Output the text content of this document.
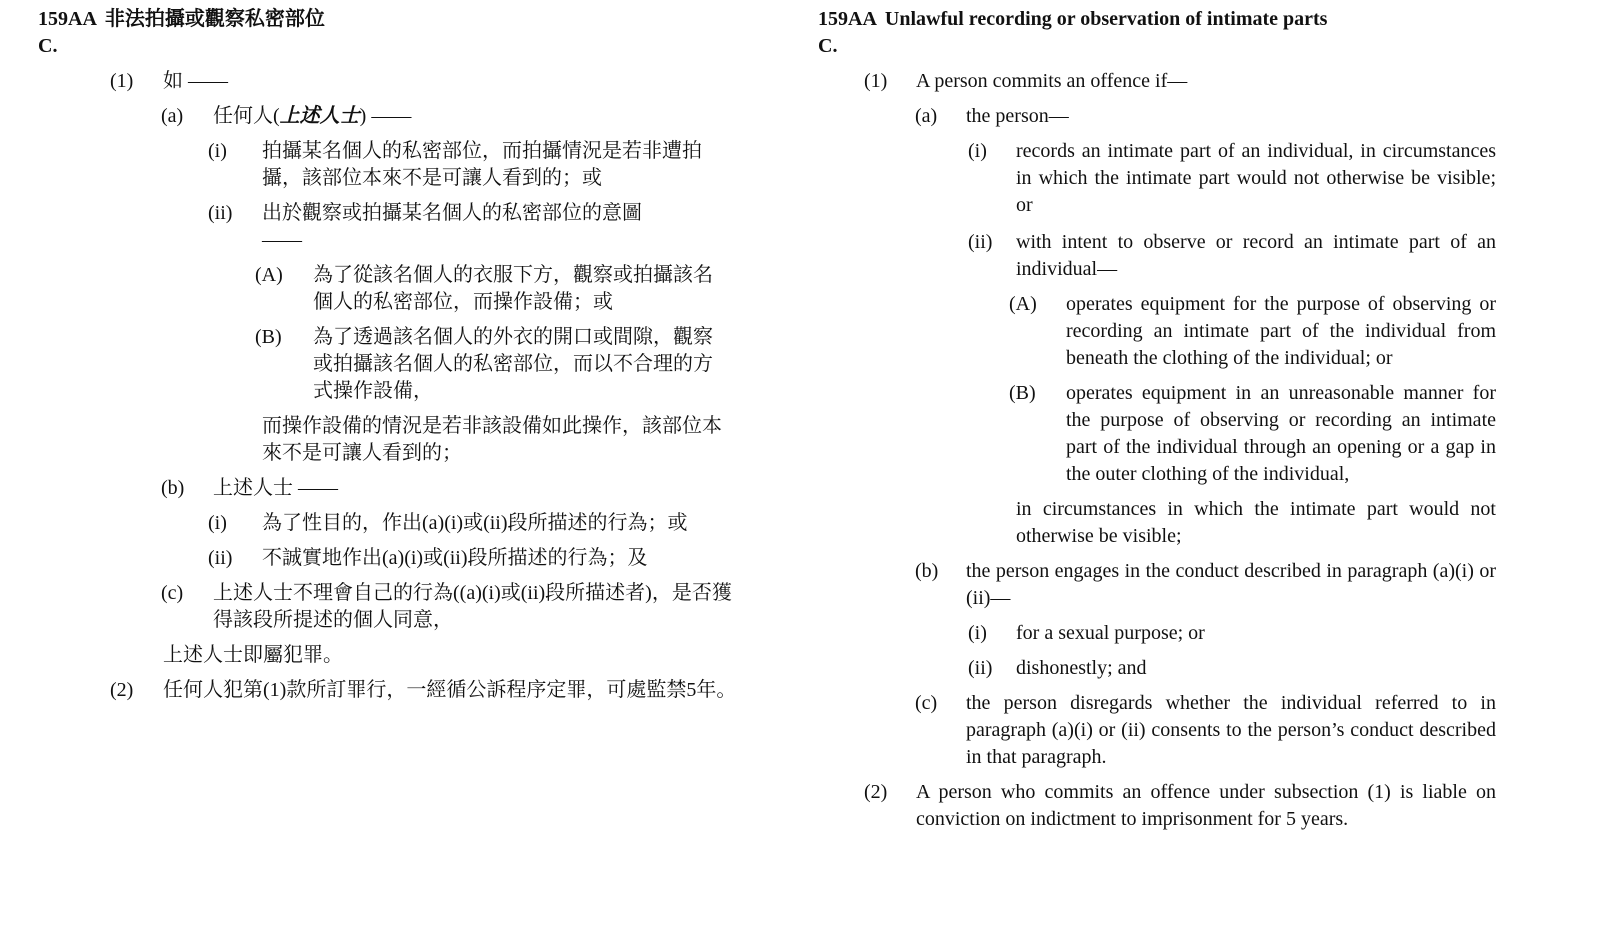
159AA 非法拍攝或觀察私密部位
C.
(1) 如 ——
(a) 任何人(上述人士) ——
(i) 拍攝某名個人的私密部位，而拍攝情況是若非遭拍攝，該部位本來不是可讓人看到的；或
(ii) 出於觀察或拍攝某名個人的私密部位的意圖 ——
(A) 為了從該名個人的衣服下方，觀察或拍攝該名個人的私密部位，而操作設備；或
(B) 為了透過該名個人的外衣的開口或間隙，觀察或拍攝該名個人的私密部位，而以不合理的方式操作設備，
而操作設備的情況是若非該設備如此操作，該部位本來不是可讓人看到的；
(b) 上述人士 ——
(i) 為了性目的，作出(a)(i)或(ii)段所描述的行為；或
(ii) 不誠實地作出(a)(i)或(ii)段所描述的行為；及
(c) 上述人士不理會自己的行為((a)(i)或(ii)段所描述者)，是否獲得該段所提述的個人同意，
上述人士即屬犯罪。
(2) 任何人犯第(1)款所訂罪行，一經循公訴程序定罪，可處監禁5年。
159AA Unlawful recording or observation of intimate parts
C.
(1) A person commits an offence if—
(a) the person—
(i) records an intimate part of an individual, in circumstances in which the intimate part would not otherwise be visible; or
(ii) with intent to observe or record an intimate part of an individual—
(A) operates equipment for the purpose of observing or recording an intimate part of the individual from beneath the clothing of the individual; or
(B) operates equipment in an unreasonable manner for the purpose of observing or recording an intimate part of the individual through an opening or a gap in the outer clothing of the individual,
in circumstances in which the intimate part would not otherwise be visible;
(b) the person engages in the conduct described in paragraph (a)(i) or (ii)—
(i) for a sexual purpose; or
(ii) dishonestly; and
(c) the person disregards whether the individual referred to in paragraph (a)(i) or (ii) consents to the person’s conduct described in that paragraph.
(2) A person who commits an offence under subsection (1) is liable on conviction on indictment to imprisonment for 5 years.
